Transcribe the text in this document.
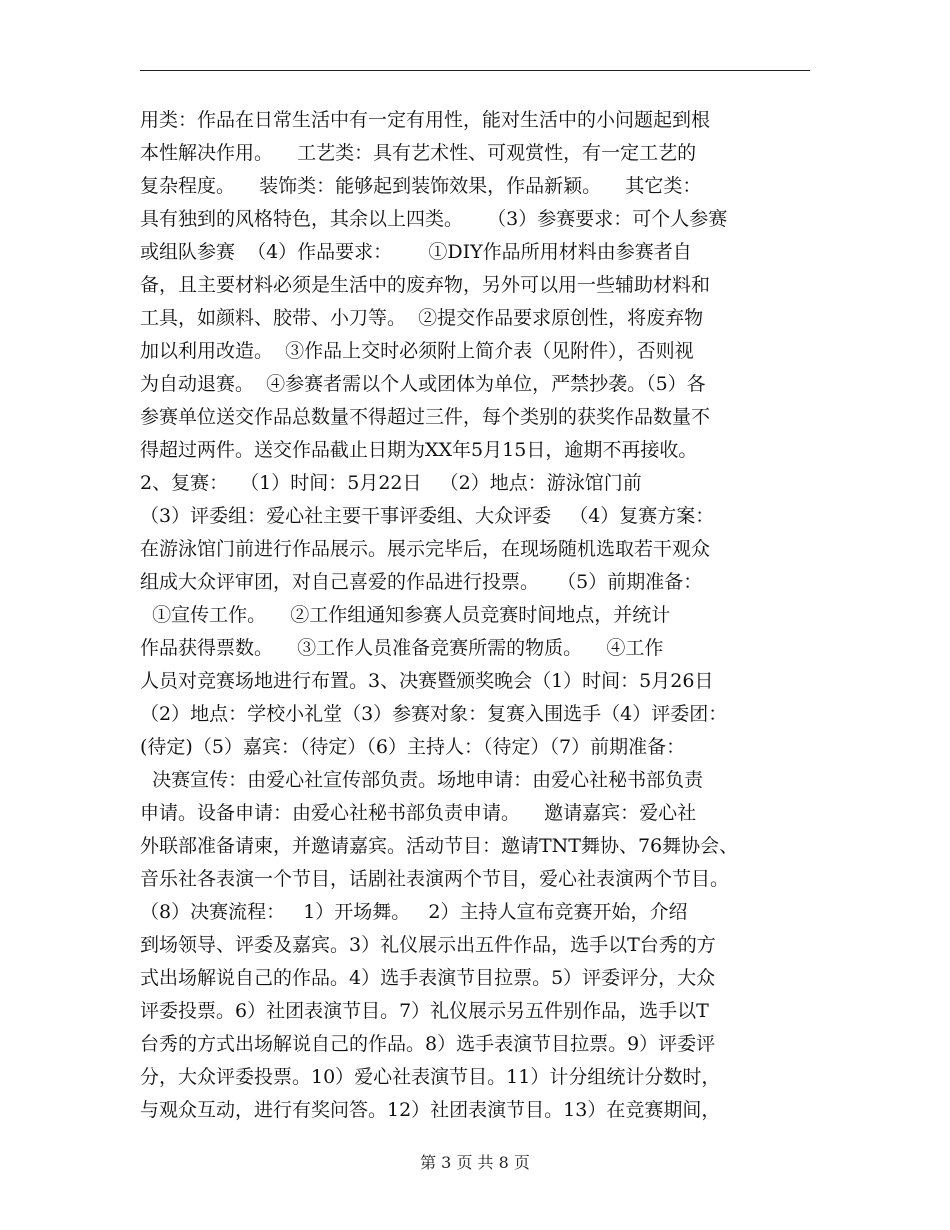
用类：作品在日常生活中有一定有用性，能对生活中的小问题起到根
本性解决作用。    工艺类：具有艺术性、可观赏性，有一定工艺的
复杂程度。    装饰类：能够起到装饰效果，作品新颖。    其它类：
具有独到的风格特色，其余以上四类。    （3）参赛要求：可个人参赛
或组队参赛  （4）作品要求：      ①DIY作品所用材料由参赛者自
备，且主要材料必须是生活中的废弃物，另外可以用一些辅助材料和
工具，如颜料、胶带、小刀等。  ②提交作品要求原创性，将废弃物
加以利用改造。  ③作品上交时必须附上简介表（见附件），否则视
为自动退赛。  ④参赛者需以个人或团体为单位，严禁抄袭。（5）各
参赛单位送交作品总数量不得超过三件，每个类别的获奖作品数量不
得超过两件。送交作品截止日期为XX年5月15日，逾期不再接收。
2、复赛：  （1）时间：5月22日   （2）地点：游泳馆门前
（3）评委组：爱心社主要干事评委组、大众评委   （4）复赛方案：
在游泳馆门前进行作品展示。展示完毕后，在现场随机选取若干观众
组成大众评审团，对自己喜爱的作品进行投票。   （5）前期准备：
①宣传工作。    ②工作组通知参赛人员竞赛时间地点，并统计
作品获得票数。    ③工作人员准备竞赛所需的物质。    ④工作
人员对竞赛场地进行布置。3、决赛暨颁奖晚会（1）时间：5月26日
（2）地点：学校小礼堂（3）参赛对象：复赛入围选手（4）评委团：
(待定)（5）嘉宾：（待定）（6）主持人：（待定）（7）前期准备：
决赛宣传：由爱心社宣传部负责。场地申请：由爱心社秘书部负责
申请。设备申请：由爱心社秘书部负责申请。    邀请嘉宾：爱心社
外联部准备请柬，并邀请嘉宾。活动节目：邀请TNT舞协、76舞协会、
音乐社各表演一个节目，话剧社表演两个节目，爱心社表演两个节目。
（8）决赛流程：   1）开场舞。   2）主持人宣布竞赛开始，介绍
到场领导、评委及嘉宾。3）礼仪展示出五件作品，选手以T台秀的方
式出场解说自己的作品。4）选手表演节目拉票。5）评委评分，大众
评委投票。6）社团表演节目。7）礼仪展示另五件别作品，选手以T
台秀的方式出场解说自己的作品。8）选手表演节目拉票。9）评委评
分，大众评委投票。10）爱心社表演节目。11）计分组统计分数时，
与观众互动，进行有奖问答。12）社团表演节目。13）在竞赛期间，
第 3 页 共 8 页
